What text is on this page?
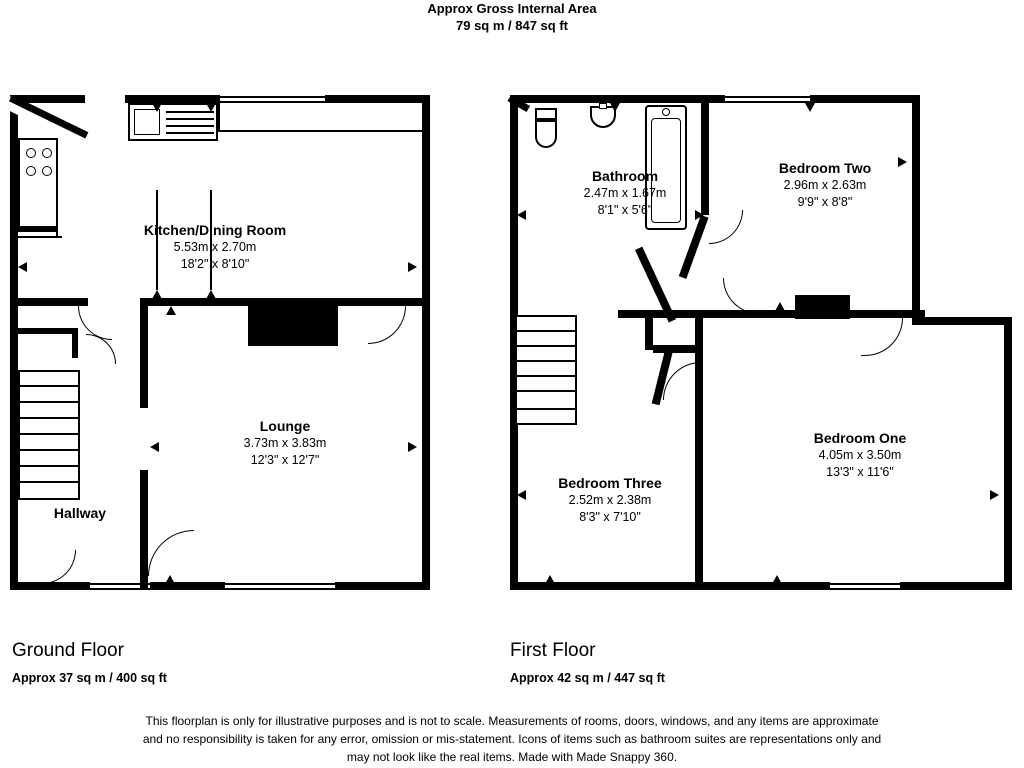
Approx Gross Internal Area
79 sq m / 847 sq ft
Kitchen/Dining Room
5.53m x 2.70m
18'2" x 8'10"
Lounge
3.73m x 3.83m
12'3" x 12'7"
Hallway
Bathroom
2.47m x 1.67m
8'1" x 5'6"
Bedroom Two
2.96m x 2.63m
9'9" x 8'8"
Bedroom One
4.05m x 3.50m
13'3" x 11'6"
Bedroom Three
2.52m x 2.38m
8'3" x 7'10"
Ground Floor
Approx 37 sq m / 400 sq ft
First Floor
Approx 42 sq m / 447 sq ft
This floorplan is only for illustrative purposes and is not to scale. Measurements of rooms, doors, windows, and any items are approximate
and no responsibility is taken for any error, omission or mis-statement. Icons of items such as bathroom suites are representations only and
may not look like the real items. Made with Made Snappy 360.
